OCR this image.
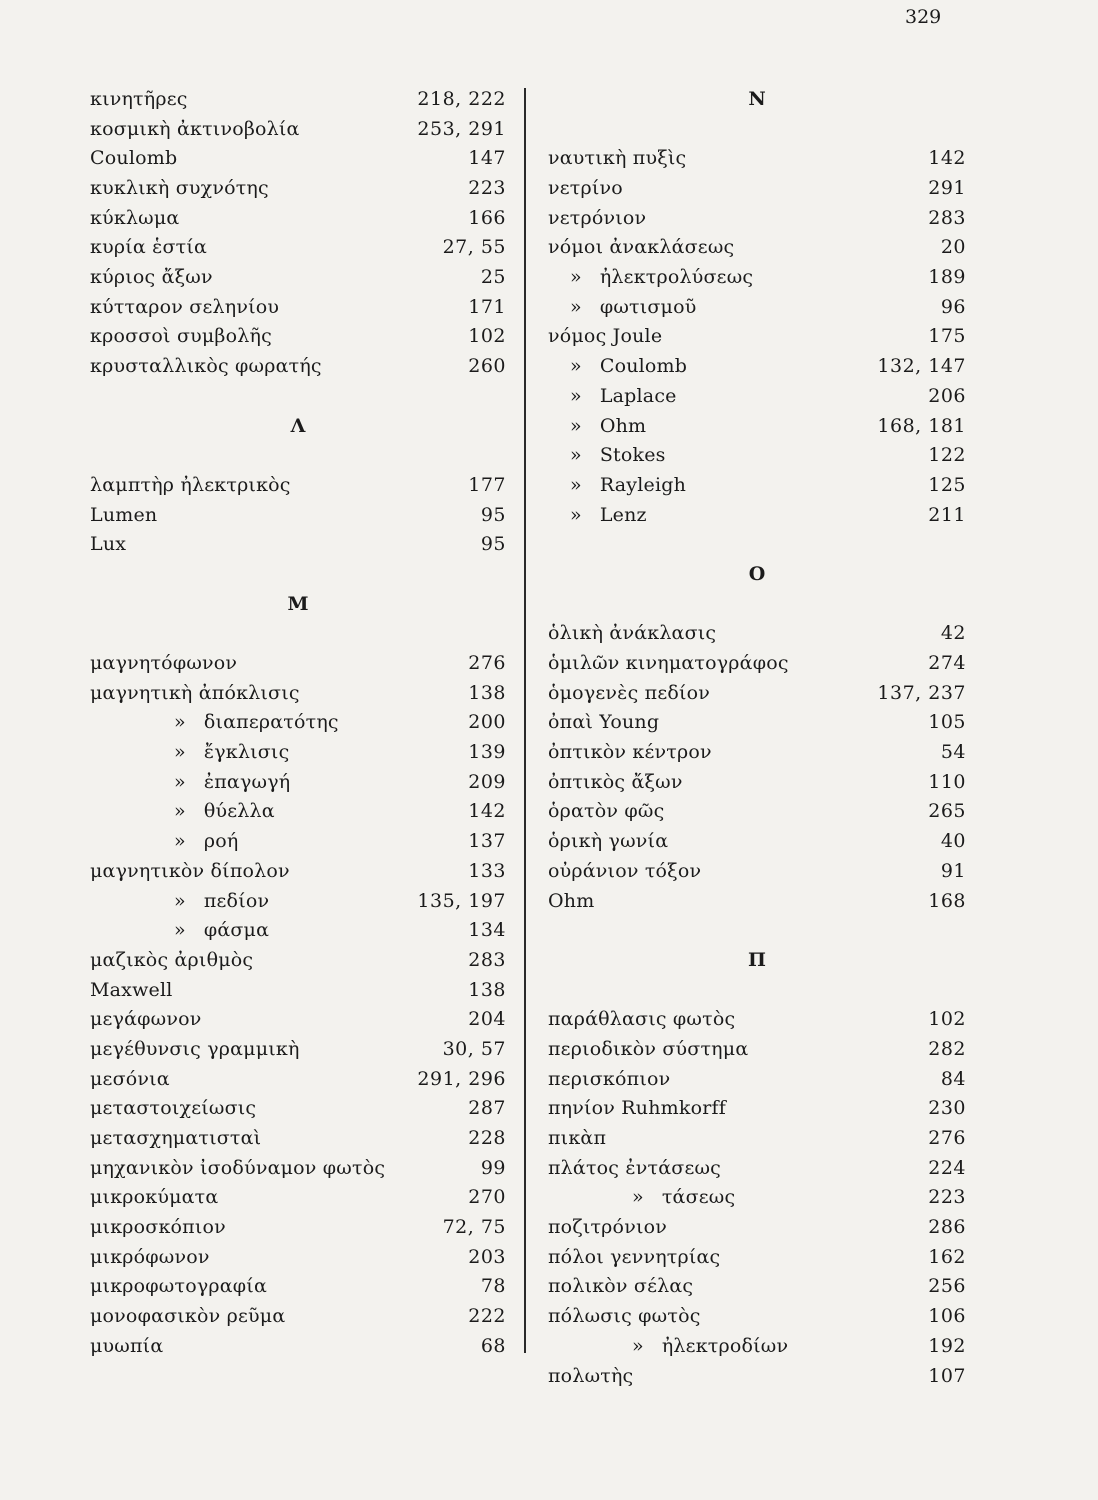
329
κινητῆρες	218, 222
κοσμικὴ ἀκτινοβολία	253, 291
Coulomb	147
κυκλικὴ συχνότης	223
κύκλωμα	166
κυρία ἑστία	27, 55
κύριος ἄξων	25
κύτταρον σεληνίου	171
κροσσοὶ συμβολῆς	102
κρυσταλλικὸς φωρατής	260
Λ
λαμπτὴρ ἠλεκτρικὸς	177
Lumen	95
Lux	95
Μ
μαγνητόφωνον	276
μαγνητικὴ ἀπόκλισις	138
» διαπερατότης	200
» ἔγκλισις	139
» ἐπαγωγή	209
» θύελλα	142
» ροή	137
μαγνητικὸν δίπολον	133
» πεδίον	135, 197
» φάσμα	134
μαζικὸς ἀριθμὸς	283
Maxwell	138
μεγάφωνον	204
μεγέθυνσις γραμμικὴ	30, 57
μεσόνια	291, 296
μεταστοιχείωσις	287
μετασχηματισταὶ	228
μηχανικὸν ἰσοδύναμον φωτὸς	99
μικροκύματα	270
μικροσκόπιον	72, 75
μικρόφωνον	203
μικροφωτογραφία	78
μονοφασικὸν ρεῦμα	222
μυωπία	68
Ν
ναυτικὴ πυξὶς	142
νετρίνο	291
νετρόνιον	283
νόμοι ἀνακλάσεως	20
» ἠλεκτρολύσεως	189
» φωτισμοῦ	96
νόμος Joule	175
» Coulomb	132, 147
» Laplace	206
» Ohm	168, 181
» Stokes	122
» Rayleigh	125
» Lenz	211
Ο
ὁλικὴ ἀνάκλασις	42
ὁμιλῶν κινηματογράφος	274
ὁμογενὲς πεδίον	137, 237
ὀπαὶ Young	105
ὀπτικὸν κέντρον	54
ὀπτικὸς ἄξων	110
ὁρατὸν φῶς	265
ὁρικὴ γωνία	40
οὐράνιον τόξον	91
Ohm	168
Π
παράθλασις φωτὸς	102
περιοδικὸν σύστημα	282
περισκόπιον	84
πηνίον Ruhmkorff	230
πικὰπ	276
πλάτος ἐντάσεως	224
» τάσεως	223
ποζιτρόνιον	286
πόλοι γεννητρίας	162
πολικὸν σέλας	256
πόλωσις φωτὸς	106
» ἠλεκτροδίων	192
πολωτὴς	107
